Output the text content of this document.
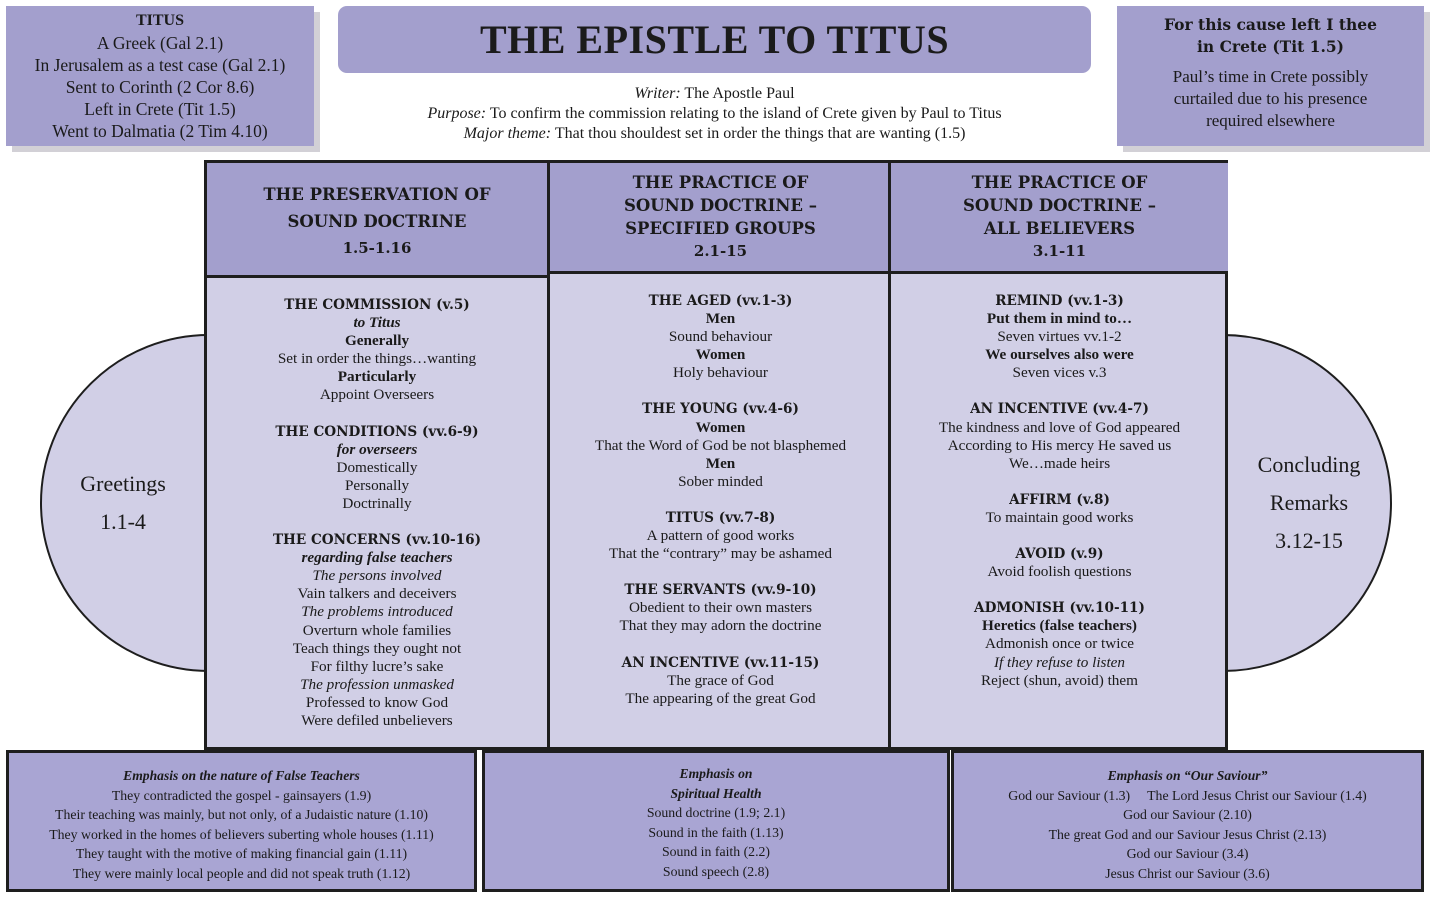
TITUS
A Greek (Gal 2.1)
In Jerusalem as a test case (Gal 2.1)
Sent to Corinth (2 Cor 8.6)
Left in Crete (Tit 1.5)
Went to Dalmatia (2 Tim 4.10)
THE EPISTLE TO TITUS
Writer: The Apostle Paul
Purpose: To confirm the commission relating to the island of Crete given by Paul to Titus
Major theme: That thou shouldest set in order the things that are wanting (1.5)
For this cause left I thee
in Crete (Tit 1.5)
Paul’s time in Crete possibly
curtailed due to his presence
required elsewhere
Greetings
1.1-4
Concluding
Remarks
3.12-15
THE PRESERVATION OF
SOUND DOCTRINE
1.5-1.16
THE COMMISSION (v.5)
to Titus
Generally
Set in order the things…wanting
Particularly
Appoint Overseers
THE CONDITIONS (vv.6-9)
for overseers
Domestically
Personally
Doctrinally
THE CONCERNS (vv.10-16)
regarding false teachers
The persons involved
Vain talkers and deceivers
The problems introduced
Overturn whole families
Teach things they ought not
For filthy lucre’s sake
The profession unmasked
Professed to know God
Were defiled unbelievers
THE PRACTICE OF
SOUND DOCTRINE –
SPECIFIED GROUPS
2.1-15
THE AGED (vv.1-3)
Men
Sound behaviour
Women
Holy behaviour
THE YOUNG (vv.4-6)
Women
That the Word of God be not blasphemed
Men
Sober minded
TITUS (vv.7-8)
A pattern of good works
That the “contrary” may be ashamed
THE SERVANTS (vv.9-10)
Obedient to their own masters
That they may adorn the doctrine
AN INCENTIVE (vv.11-15)
The grace of God
The appearing of the great God
THE PRACTICE OF
SOUND DOCTRINE –
ALL BELIEVERS
3.1-11
REMIND (vv.1-3)
Put them in mind to…
Seven virtues vv.1-2
We ourselves also were
Seven vices v.3
AN INCENTIVE (vv.4-7)
The kindness and love of God appeared
According to His mercy He saved us
We…made heirs
AFFIRM (v.8)
To maintain good works
AVOID (v.9)
Avoid foolish questions
ADMONISH (vv.10-11)
Heretics (false teachers)
Admonish once or twice
If they refuse to listen
Reject (shun, avoid) them
Emphasis on the nature of False Teachers
They contradicted the gospel - gainsayers (1.9)
Their teaching was mainly, but not only, of a Judaistic nature (1.10)
They worked in the homes of believers suberting whole houses (1.11)
They taught with the motive of making financial gain (1.11)
They were mainly local people and did not speak truth (1.12)
Emphasis on
Spiritual Health
Sound doctrine (1.9; 2.1)
Sound in the faith (1.13)
Sound in faith (2.2)
Sound speech (2.8)
Emphasis on “Our Saviour”
God our Saviour (1.3)     The Lord Jesus Christ our Saviour (1.4)
God our Saviour (2.10)
The great God and our Saviour Jesus Christ (2.13)
God our Saviour (3.4)
Jesus Christ our Saviour (3.6)
